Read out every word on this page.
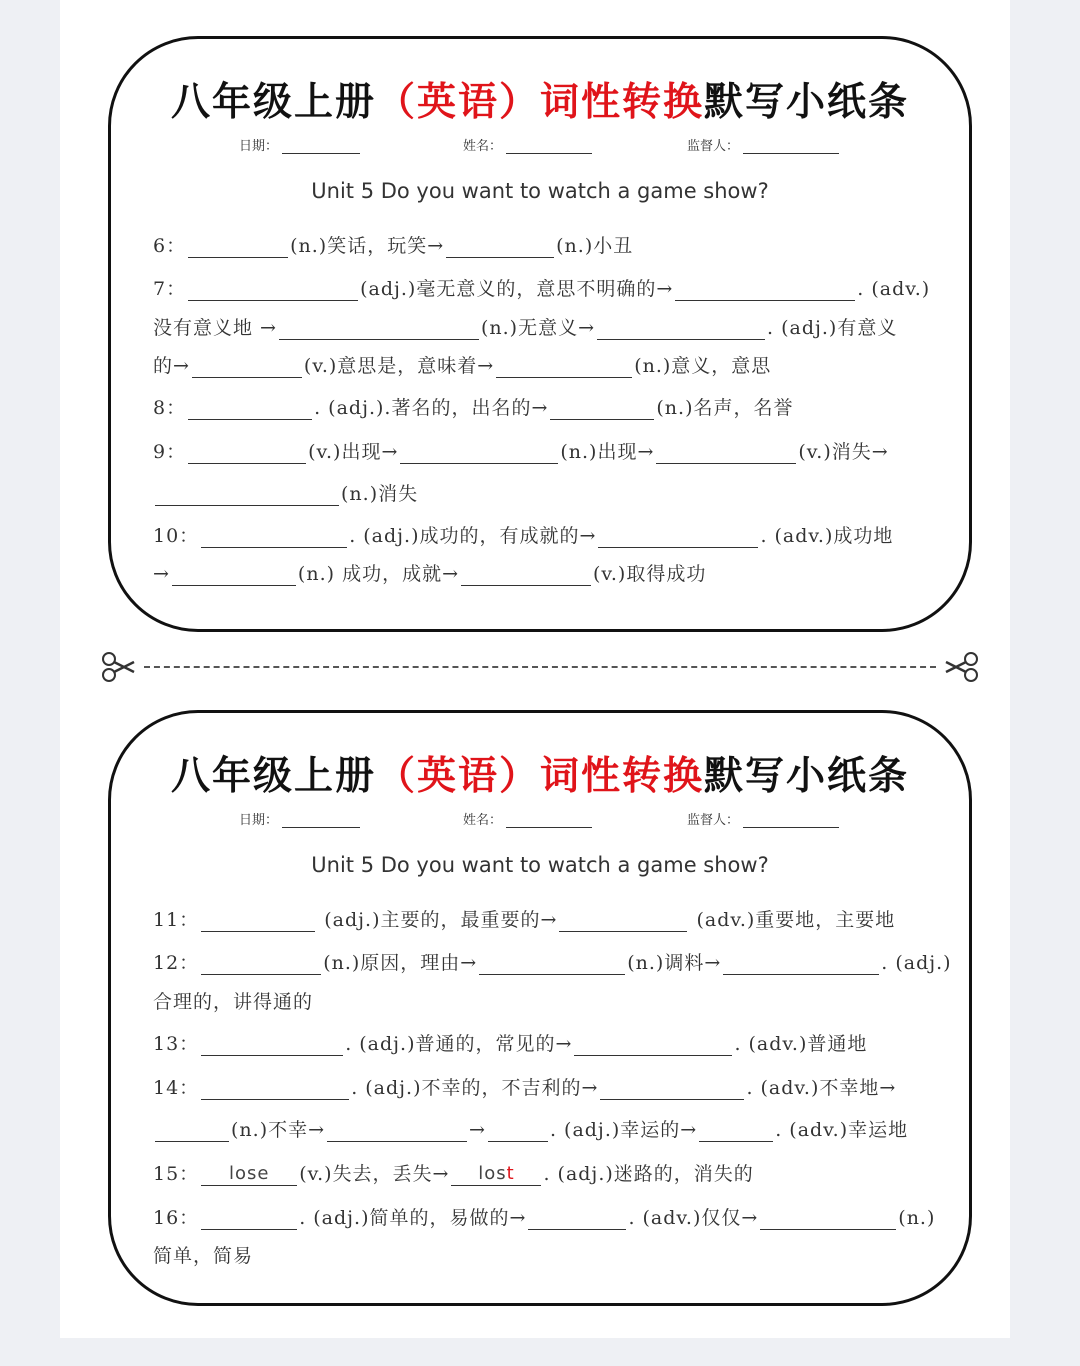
八年级上册（英语）词性转换默写小纸条
日期：	姓名：	监督人：
Unit 5 Do you want to watch a game show?
6：	(n.)笑话，玩笑→	(n.)小丑
7：	(adj.)毫无意义的，意思不明确的→	. (adv.)
没有意义地 →	(n.)无意义→	. (adj.)有意义
的→	(v.)意思是，意味着→	(n.)意义，意思
8：	. (adj.).著名的，出名的→	(n.)名声，名誉
9：	(v.)出现→	(n.)出现→	(v.)消失→
(n.)消失
10：	. (adj.)成功的，有成就的→	. (adv.)成功地
→	(n.) 成功，成就→	(v.)取得成功
八年级上册（英语）词性转换默写小纸条
日期：	姓名：	监督人：
Unit 5 Do you want to watch a game show?
11：	(adj.)主要的，最重要的→	(adv.)重要地，主要地
12：	(n.)原因，理由→	(n.)调料→	. (adj.)
合理的，讲得通的
13：	. (adj.)普通的，常见的→	. (adv.)普通地
14：	. (adj.)不幸的，不吉利的→	. (adv.)不幸地→
(n.)不幸→	→	. (adj.)幸运的→	. (adv.)幸运地
15： lose (v.)失去，丢失→ lost . (adj.)迷路的，消失的
16：	. (adj.)简单的，易做的→	. (adv.)仅仅→	(n.)
简单，简易
